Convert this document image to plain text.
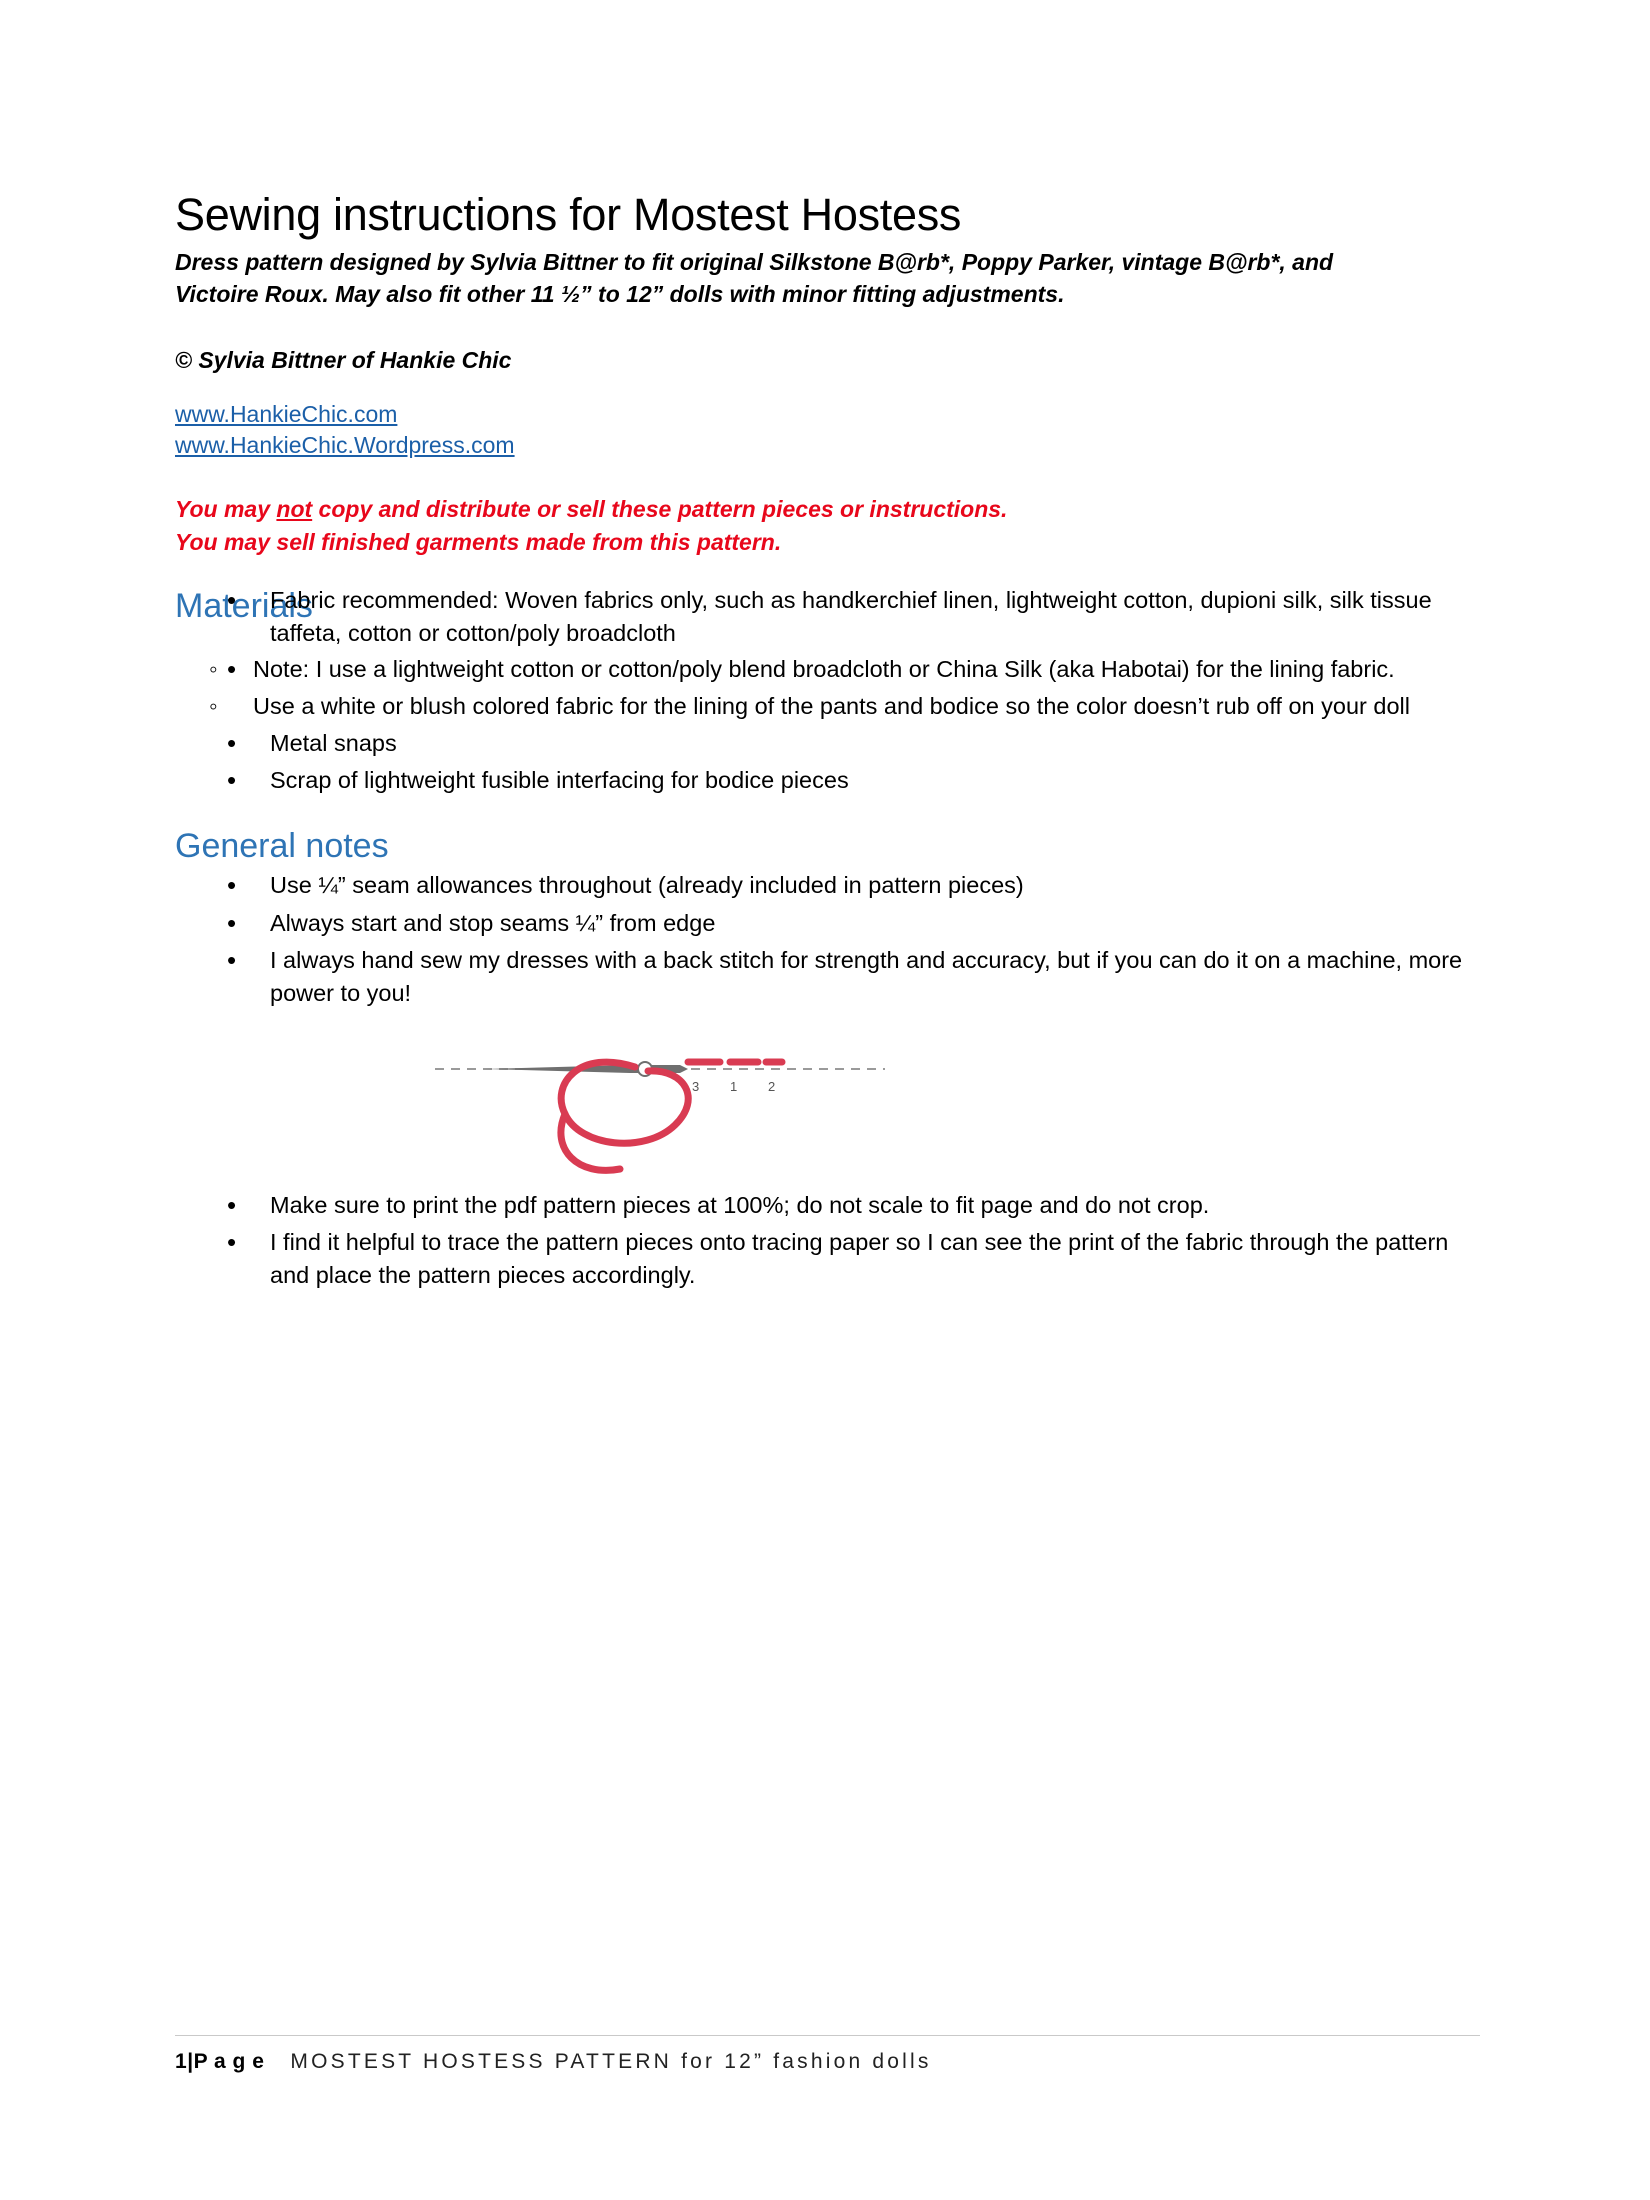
Sewing instructions for Mostest Hostess

Dress pattern designed by Sylvia Bittner to fit original Silkstone B@rb*, Poppy Parker, vintage B@rb*, and Victoire Roux. May also fit other 11 ½” to 12” dolls with minor fitting adjustments.

© Sylvia Bittner of Hankie Chic

www.HankieChic.com
www.HankieChic.Wordpress.com
You may not copy and distribute or sell these pattern pieces or instructions.
You may sell finished garments made from this pattern.
Materials
• Fabric recommended: Woven fabrics only, such as handkerchief linen, lightweight cotton, dupioni silk, silk tissue taffeta, cotton or cotton/poly broadcloth
◦ • Note: I use a lightweight cotton or cotton/poly blend broadcloth or China Silk (aka Habotai) for the lining fabric.
◦ Use a white or blush colored fabric for the lining of the pants and bodice so the color doesn’t rub off on your doll
• Metal snaps
• Scrap of lightweight fusible interfacing for bodice pieces
General notes
• Use ¼” seam allowances throughout (already included in pattern pieces)
• Always start and stop seams ¼” from edge
• I always hand sew my dresses with a back stitch for strength and accuracy, but if you can do it on a machine, more power to you!
3 1 2
• Make sure to print the pdf pattern pieces at 100%; do not scale to fit page and do not crop.
• I find it helpful to trace the pattern pieces onto tracing paper so I can see the print of the fabric through the pattern and place the pattern pieces accordingly.
1|P a g e MOSTEST HOSTESS PATTERN for 12” fashion dolls
